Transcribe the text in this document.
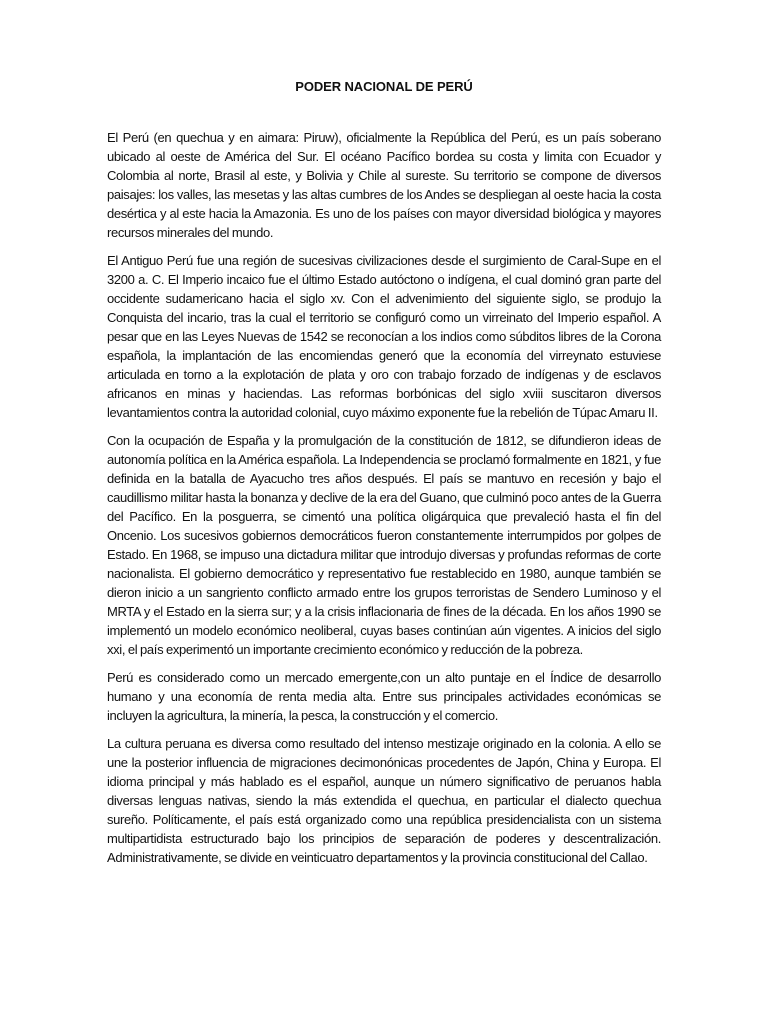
PODER NACIONAL DE PERÚ

El Perú (en quechua y en aimara: Piruw), oficialmente la República del Perú, es un país soberano ubicado al oeste de América del Sur. El océano Pacífico bordea su costa y limita con Ecuador y Colombia al norte, Brasil al este, y Bolivia y Chile al sureste. Su territorio se compone de diversos paisajes: los valles, las mesetas y las altas cumbres de los Andes se despliegan al oeste hacia la costa desértica y al este hacia la Amazonia. Es uno de los países con mayor diversidad biológica y mayores recursos minerales del mundo.

El Antiguo Perú fue una región de sucesivas civilizaciones desde el surgimiento de Caral-Supe en el 3200 a. C. El Imperio incaico fue el último Estado autóctono o indígena, el cual dominó gran parte del occidente sudamericano hacia el siglo xv. Con el advenimiento del siguiente siglo, se produjo la Conquista del incario, tras la cual el territorio se configuró como un virreinato del Imperio español. A pesar que en las Leyes Nuevas de 1542 se reconocían a los indios como súbditos libres de la Corona española, la implantación de las encomiendas generó que la economía del virreynato estuviese articulada en torno a la explotación de plata y oro con trabajo forzado de indígenas y de esclavos africanos en minas y haciendas. Las reformas borbónicas del siglo xviii suscitaron diversos levantamientos contra la autoridad colonial, cuyo máximo exponente fue la rebelión de Túpac Amaru II.

Con la ocupación de España y la promulgación de la constitución de 1812, se difundieron ideas de autonomía política en la América española. La Independencia se proclamó formalmente en 1821, y fue definida en la batalla de Ayacucho tres años después. El país se mantuvo en recesión y bajo el caudillismo militar hasta la bonanza y declive de la era del Guano, que culminó poco antes de la Guerra del Pacífico. En la posguerra, se cimentó una política oligárquica que prevaleció hasta el fin del Oncenio. Los sucesivos gobiernos democráticos fueron constantemente interrumpidos por golpes de Estado. En 1968, se impuso una dictadura militar que introdujo diversas y profundas reformas de corte nacionalista. El gobierno democrático y representativo fue restablecido en 1980, aunque también se dieron inicio a un sangriento conflicto armado entre los grupos terroristas de Sendero Luminoso y el MRTA y el Estado en la sierra sur; y a la crisis inflacionaria de fines de la década. En los años 1990 se implementó un modelo económico neoliberal, cuyas bases continúan aún vigentes. A inicios del siglo xxi, el país experimentó un importante crecimiento económico y reducción de la pobreza.

Perú es considerado como un mercado emergente,con un alto puntaje en el Índice de desarrollo humano y una economía de renta media alta. Entre sus principales actividades económicas se incluyen la agricultura, la minería, la pesca, la construcción y el comercio.

La cultura peruana es diversa como resultado del intenso mestizaje originado en la colonia. A ello se une la posterior influencia de migraciones decimonónicas procedentes de Japón, China y Europa. El idioma principal y más hablado es el español, aunque un número significativo de peruanos habla diversas lenguas nativas, siendo la más extendida el quechua, en particular el dialecto quechua sureño. Políticamente, el país está organizado como una república presidencialista con un sistema multipartidista estructurado bajo los principios de separación de poderes y descentralización. Administrativamente, se divide en veinticuatro departamentos y la provincia constitucional del Callao.
